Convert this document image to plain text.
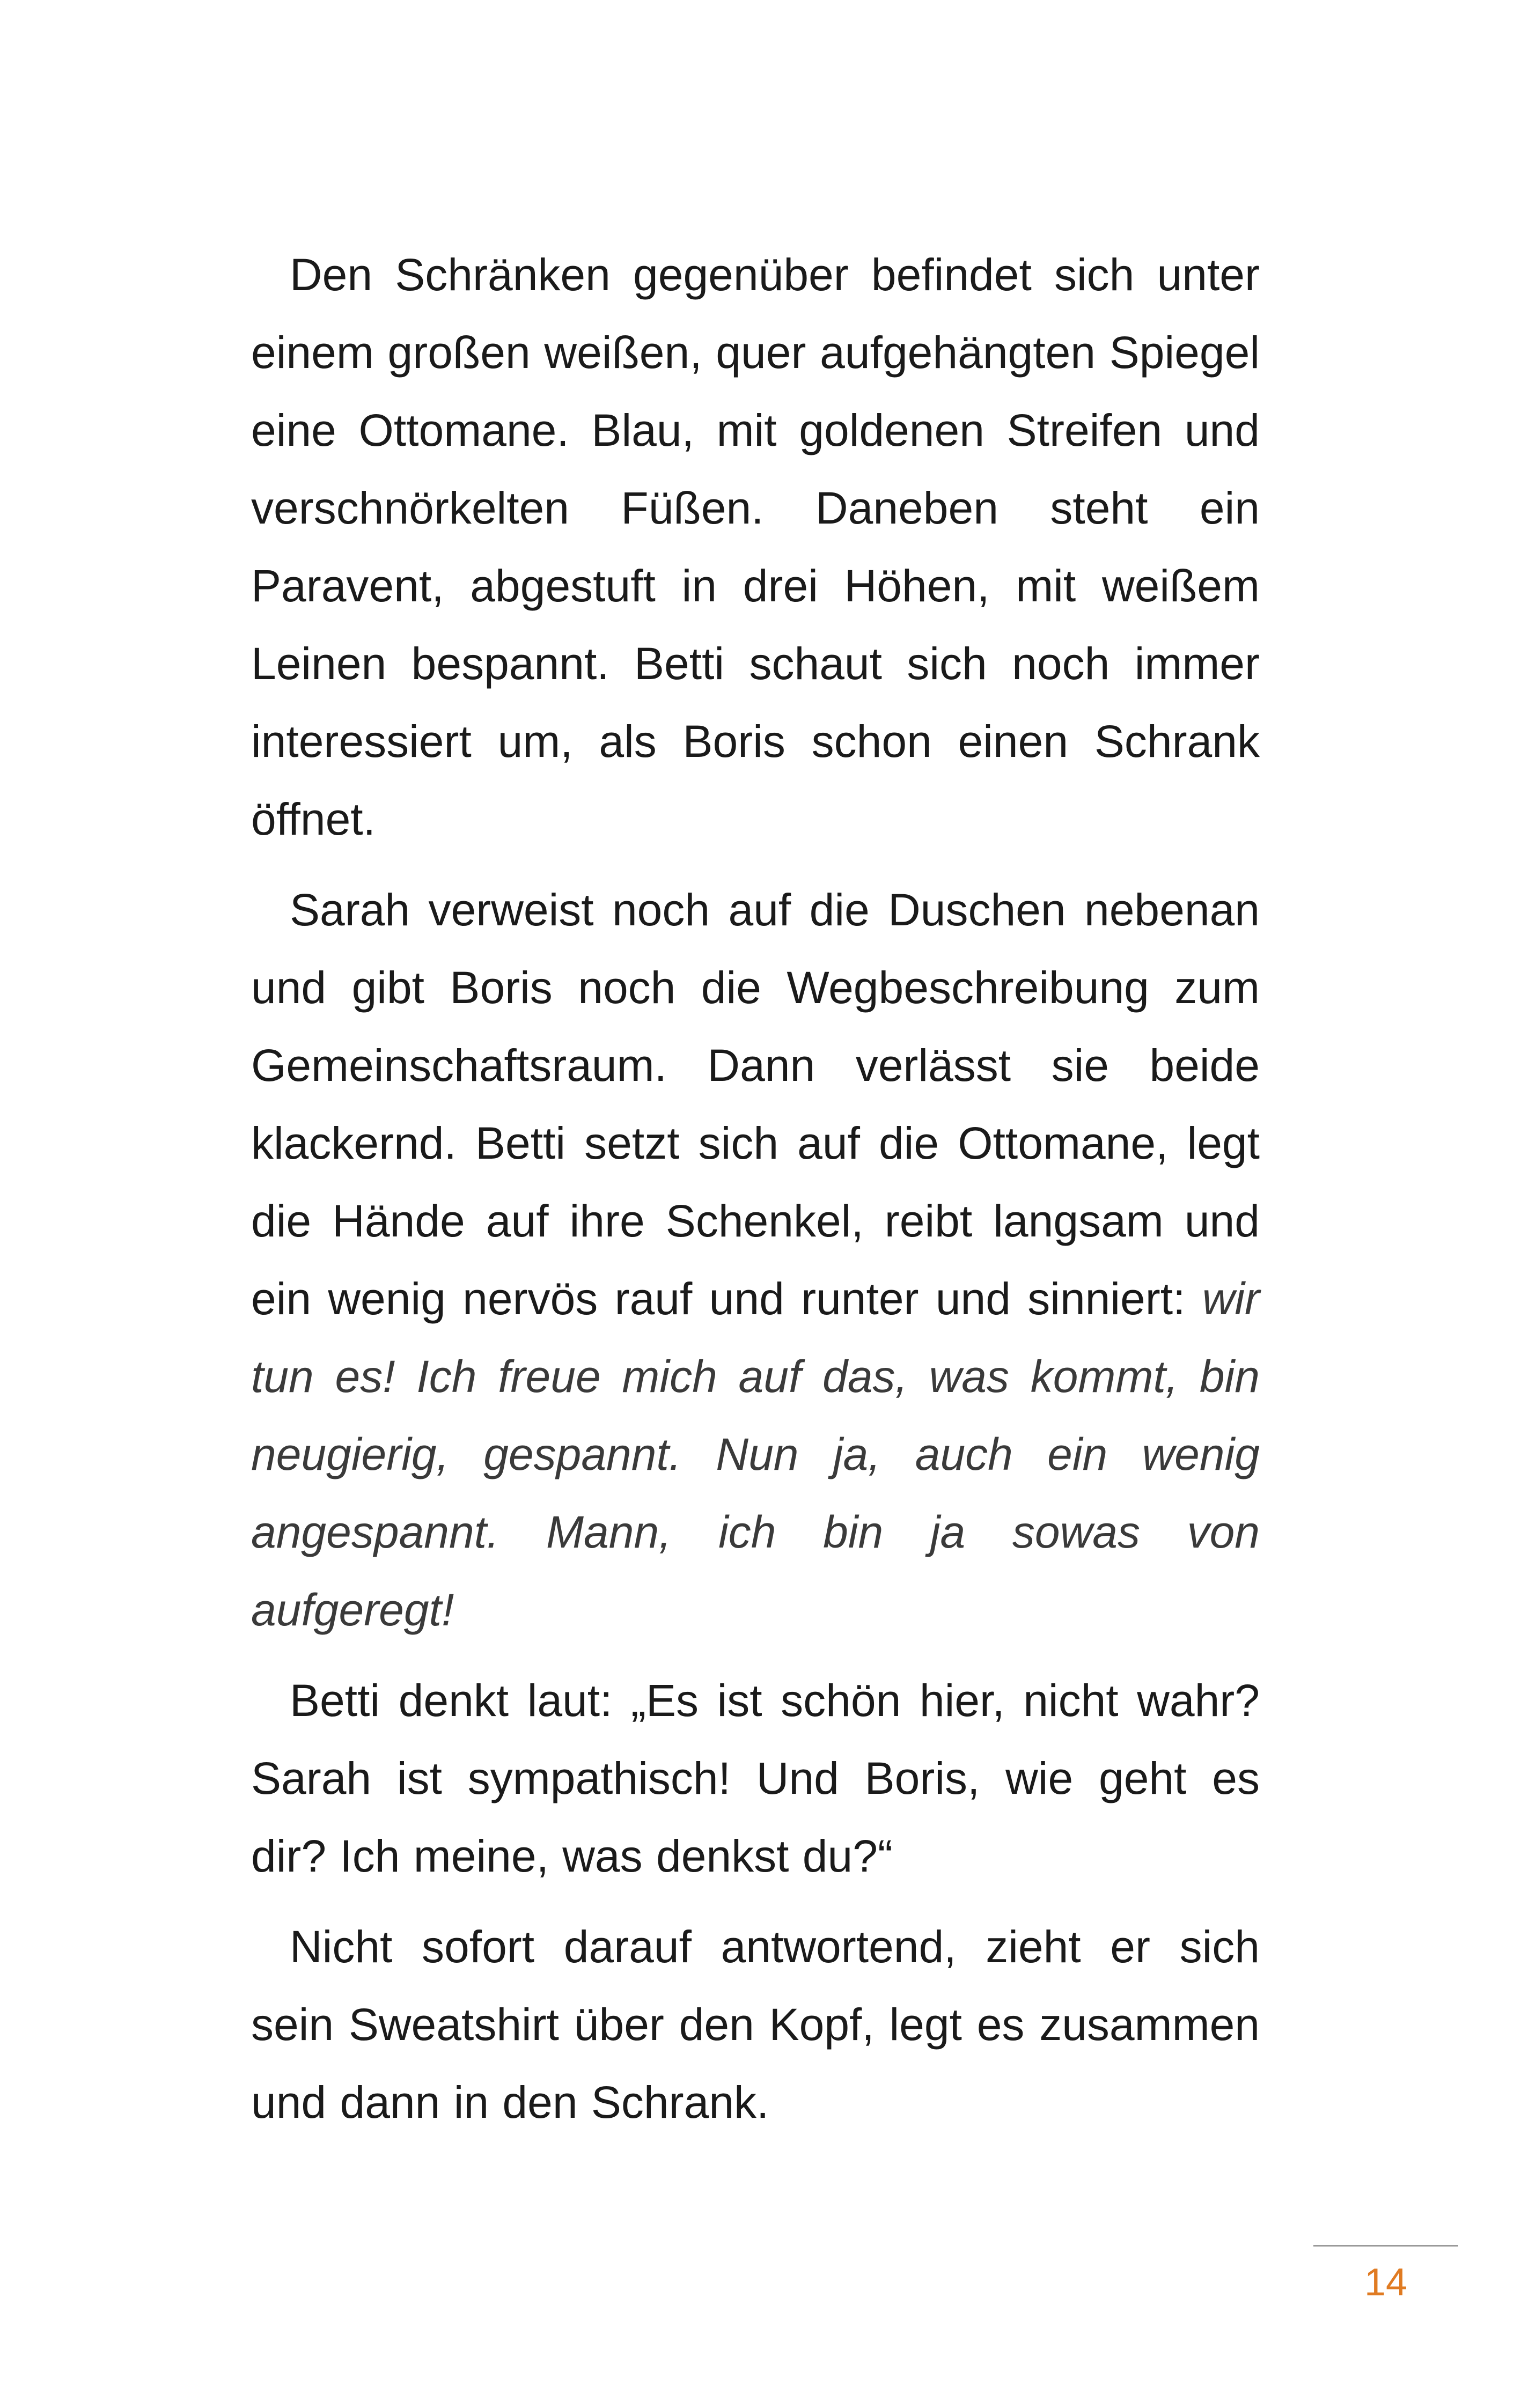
Den Schränken gegenüber befindet sich unter einem großen weißen, quer aufgehängten Spiegel eine Ottomane. Blau, mit goldenen Streifen und verschnörkelten Füßen. Daneben steht ein Paravent, abgestuft in drei Höhen, mit weißem Leinen bespannt. Betti schaut sich noch immer interessiert um, als Boris schon einen Schrank öffnet.

Sarah verweist noch auf die Duschen nebenan und gibt Boris noch die Wegbeschreibung zum Gemeinschaftsraum. Dann verlässt sie beide klackernd. Betti setzt sich auf die Ottomane, legt die Hände auf ihre Schenkel, reibt langsam und ein wenig nervös rauf und runter und sinniert: wir tun es! Ich freue mich auf das, was kommt, bin neugierig, gespannt. Nun ja, auch ein wenig angespannt. Mann, ich bin ja sowas von aufgeregt!

Betti denkt laut: „Es ist schön hier, nicht wahr? Sarah ist sympathisch! Und Boris, wie geht es dir? Ich meine, was denkst du?“

Nicht sofort darauf antwortend, zieht er sich sein Sweatshirt über den Kopf, legt es zusammen und dann in den Schrank.

14
